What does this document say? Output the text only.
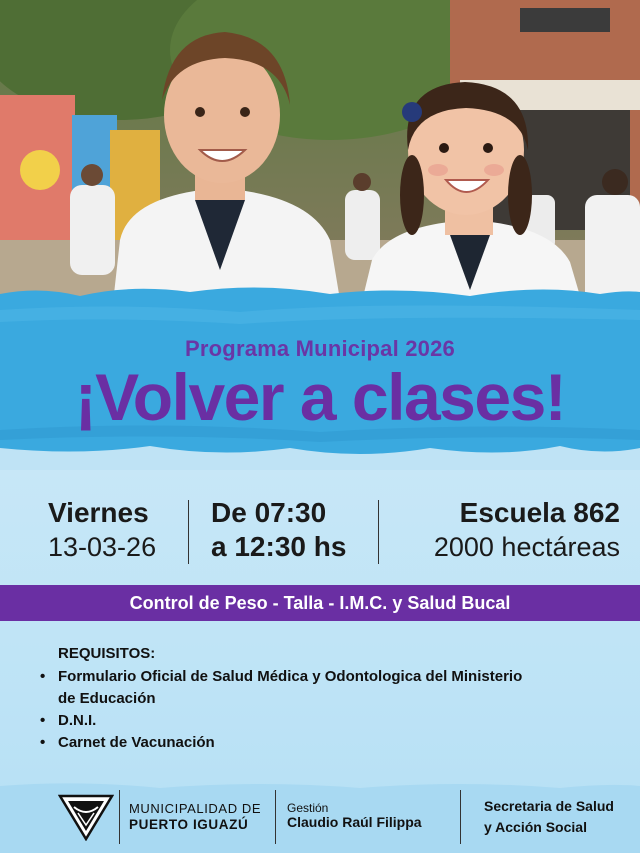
Programa Municipal 2026
¡Volver a clases!
Viernes
13-03-26
De 07:30
a 12:30 hs
Escuela 862
2000 hectáreas
Control de Peso - Talla - I.M.C. y Salud Bucal
REQUISITOS:
• Formulario Oficial de Salud Médica y Odontologica del Ministerio de Educación
• D.N.I.
• Carnet de Vacunación
MUNICIPALIDAD DE
PUERTO IGUAZÚ
Gestión
Claudio Raúl Filippa
Secretaria de Salud
y Acción Social
